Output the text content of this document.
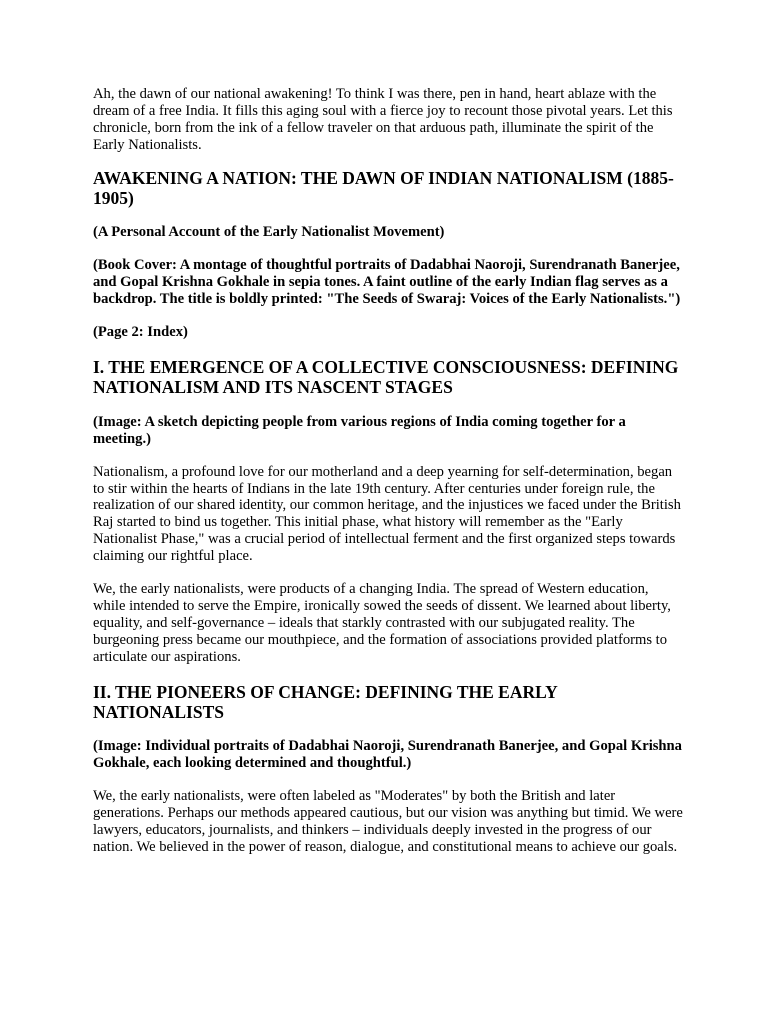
Ah, the dawn of our national awakening! To think I was there, pen in hand, heart ablaze with the dream of a free India. It fills this aging soul with a fierce joy to recount those pivotal years. Let this chronicle, born from the ink of a fellow traveler on that arduous path, illuminate the spirit of the Early Nationalists.

AWAKENING A NATION: THE DAWN OF INDIAN NATIONALISM (1885-1905)

(A Personal Account of the Early Nationalist Movement)

(Book Cover: A montage of thoughtful portraits of Dadabhai Naoroji, Surendranath Banerjee, and Gopal Krishna Gokhale in sepia tones. A faint outline of the early Indian flag serves as a backdrop. The title is boldly printed: "The Seeds of Swaraj: Voices of the Early Nationalists.")

(Page 2: Index)

I. THE EMERGENCE OF A COLLECTIVE CONSCIOUSNESS: DEFINING NATIONALISM AND ITS NASCENT STAGES

(Image: A sketch depicting people from various regions of India coming together for a meeting.)

Nationalism, a profound love for our motherland and a deep yearning for self-determination, began to stir within the hearts of Indians in the late 19th century. After centuries under foreign rule, the realization of our shared identity, our common heritage, and the injustices we faced under the British Raj started to bind us together. This initial phase, what history will remember as the "Early Nationalist Phase," was a crucial period of intellectual ferment and the first organized steps towards claiming our rightful place.

We, the early nationalists, were products of a changing India. The spread of Western education, while intended to serve the Empire, ironically sowed the seeds of dissent. We learned about liberty, equality, and self-governance – ideals that starkly contrasted with our subjugated reality. The burgeoning press became our mouthpiece, and the formation of associations provided platforms to articulate our aspirations.

II. THE PIONEERS OF CHANGE: DEFINING THE EARLY NATIONALISTS

(Image: Individual portraits of Dadabhai Naoroji, Surendranath Banerjee, and Gopal Krishna Gokhale, each looking determined and thoughtful.)

We, the early nationalists, were often labeled as "Moderates" by both the British and later generations. Perhaps our methods appeared cautious, but our vision was anything but timid. We were lawyers, educators, journalists, and thinkers – individuals deeply invested in the progress of our nation. We believed in the power of reason, dialogue, and constitutional means to achieve our goals.
